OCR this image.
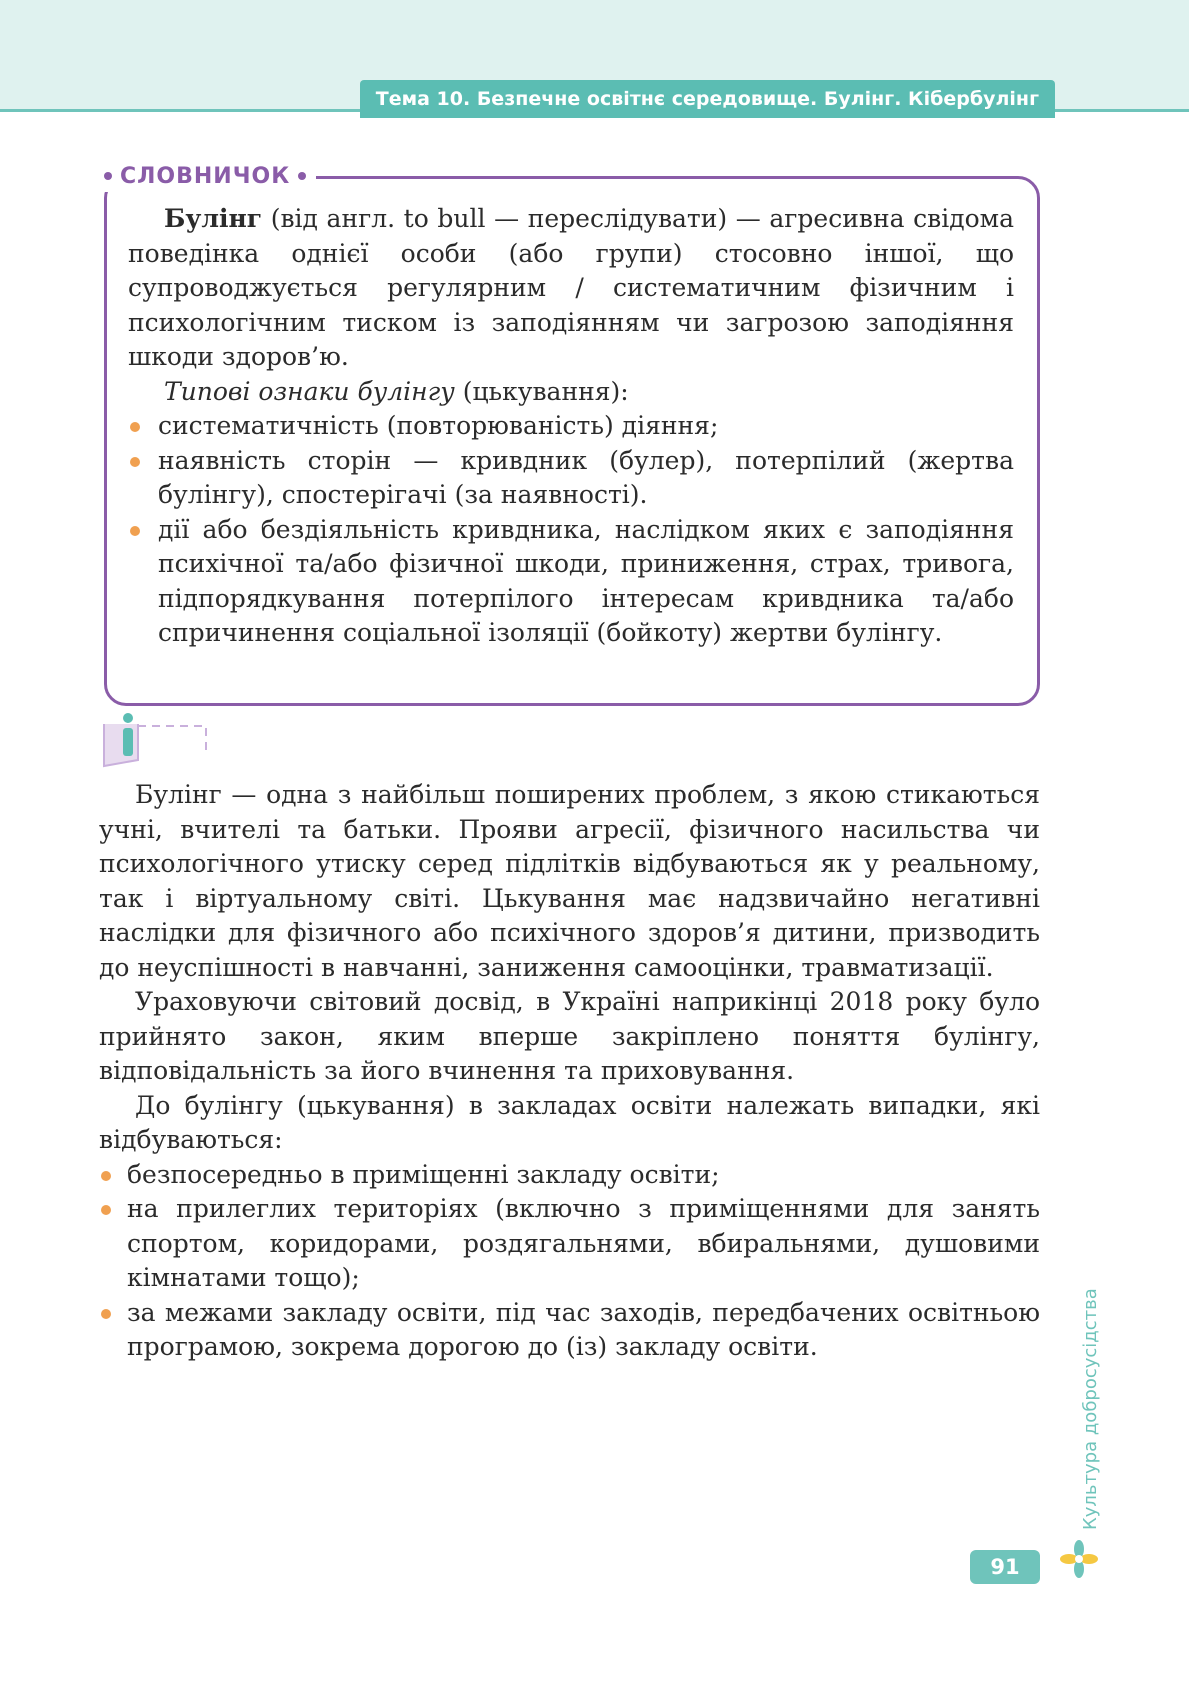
Тема 10. Безпечне освітнє середовище. Булінг. Кібербулінг
СЛОВНИЧОК

Булінг (від англ. to bull — переслідувати) — агресивна свідома поведінка однієї особи (або групи) стосовно іншої, що супроводжується регулярним / систематичним фізичним і психологічним тиском із заподіянням чи загрозою заподіяння шкоди здоров’ю.

Типові ознаки булінгу (цькування):

систематичність (повторюваність) діяння;
наявність сторін — кривдник (булер), потерпілий (жертва булінгу), спостерігачі (за наявності).
дії або бездіяльність кривдника, наслідком яких є заподіяння психічної та/або фізичної шкоди, приниження, страх, тривога, підпорядкування потерпілого інтересам кривдника та/або спричинення соціальної ізоляції (бойкоту) жертви булінгу.

Булінг — одна з найбільш поширених проблем, з якою стикаються учні, вчителі та батьки. Прояви агресії, фізичного насильства чи психологічного утиску серед підлітків відбуваються як у реальному, так і віртуальному світі. Цькування має надзвичайно негативні наслідки для фізичного або психічного здоров’я дитини, призводить до неуспішності в навчанні, заниження самооцінки, травматизації.

Ураховуючи світовий досвід, в Україні наприкінці 2018 року було прийнято закон, яким вперше закріплено поняття булінгу, відповідальність за його вчинення та приховування.

До булінгу (цькування) в закладах освіти належать випадки, які відбуваються:

безпосередньо в приміщенні закладу освіти;
на прилеглих територіях (включно з приміщеннями для занять спортом, коридорами, роздягальнями, вбиральнями, душовими кімнатами тощо);
за межами закладу освіти, під час заходів, передбачених освітньою програмою, зокрема дорогою до (із) закладу освіти.	Культура добросусідства
91
